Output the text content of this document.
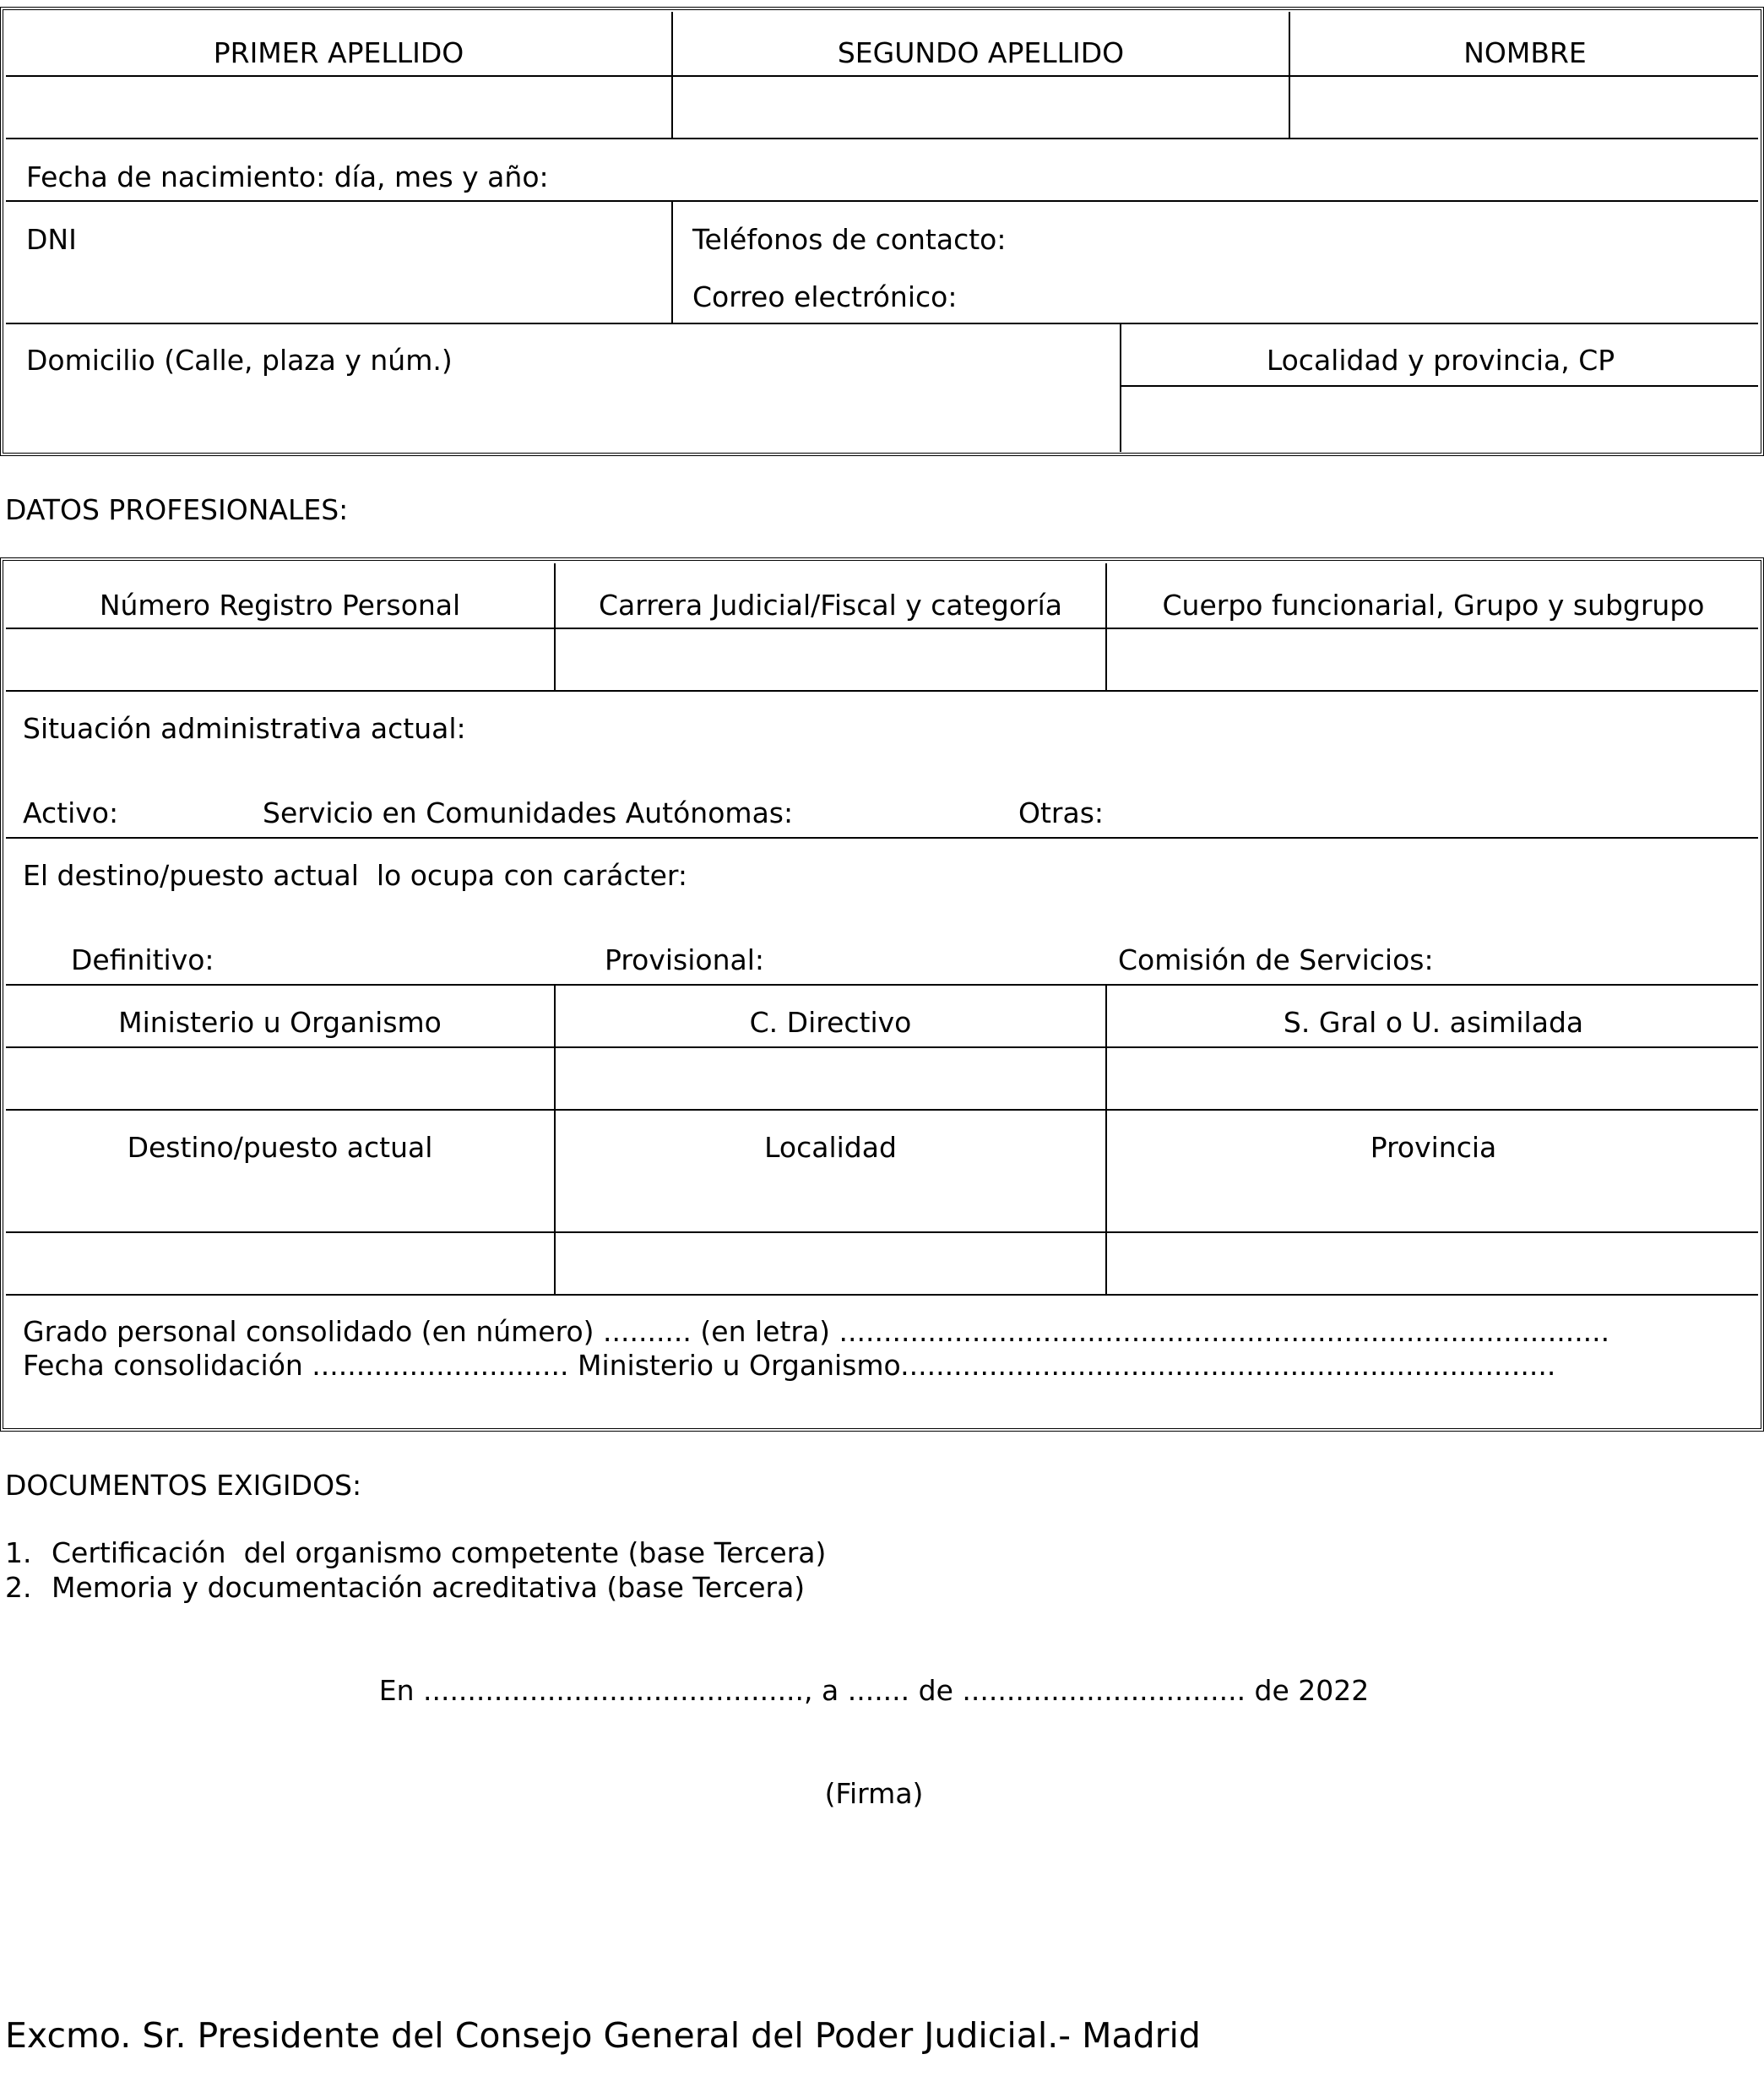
PRIMER APELLIDO	SEGUNDO APELLIDO	NOMBRE
Fecha de nacimiento: día, mes y año:
DNI	Teléfonos de contacto:
Correo electrónico:
Domicilio (Calle, plaza y núm.)	Localidad y provincia, CP
DATOS PROFESIONALES:
Número Registro Personal	Carrera Judicial/Fiscal y categoría	Cuerpo funcionarial, Grupo y subgrupo
Situación administrativa actual:
Activo:	Servicio en Comunidades Autónomas:	Otras:
El destino/puesto actual  lo ocupa con carácter:
Definitivo:	Provisional:	Comisión de Servicios:
Ministerio u Organismo	C. Directivo	S. Gral o U. asimilada
Destino/puesto actual	Localidad	Provincia
Grado personal consolidado (en número) .......... (en letra) .......................................................................................
Fecha consolidación ............................. Ministerio u Organismo..........................................................................
DOCUMENTOS EXIGIDOS:
1. Certificación  del organismo competente (base Tercera)
2. Memoria y documentación acreditativa (base Tercera)
En ..........................................., a ....... de ................................ de 2022
(Firma)
Excmo. Sr. Presidente del Consejo General del Poder Judicial.- Madrid
